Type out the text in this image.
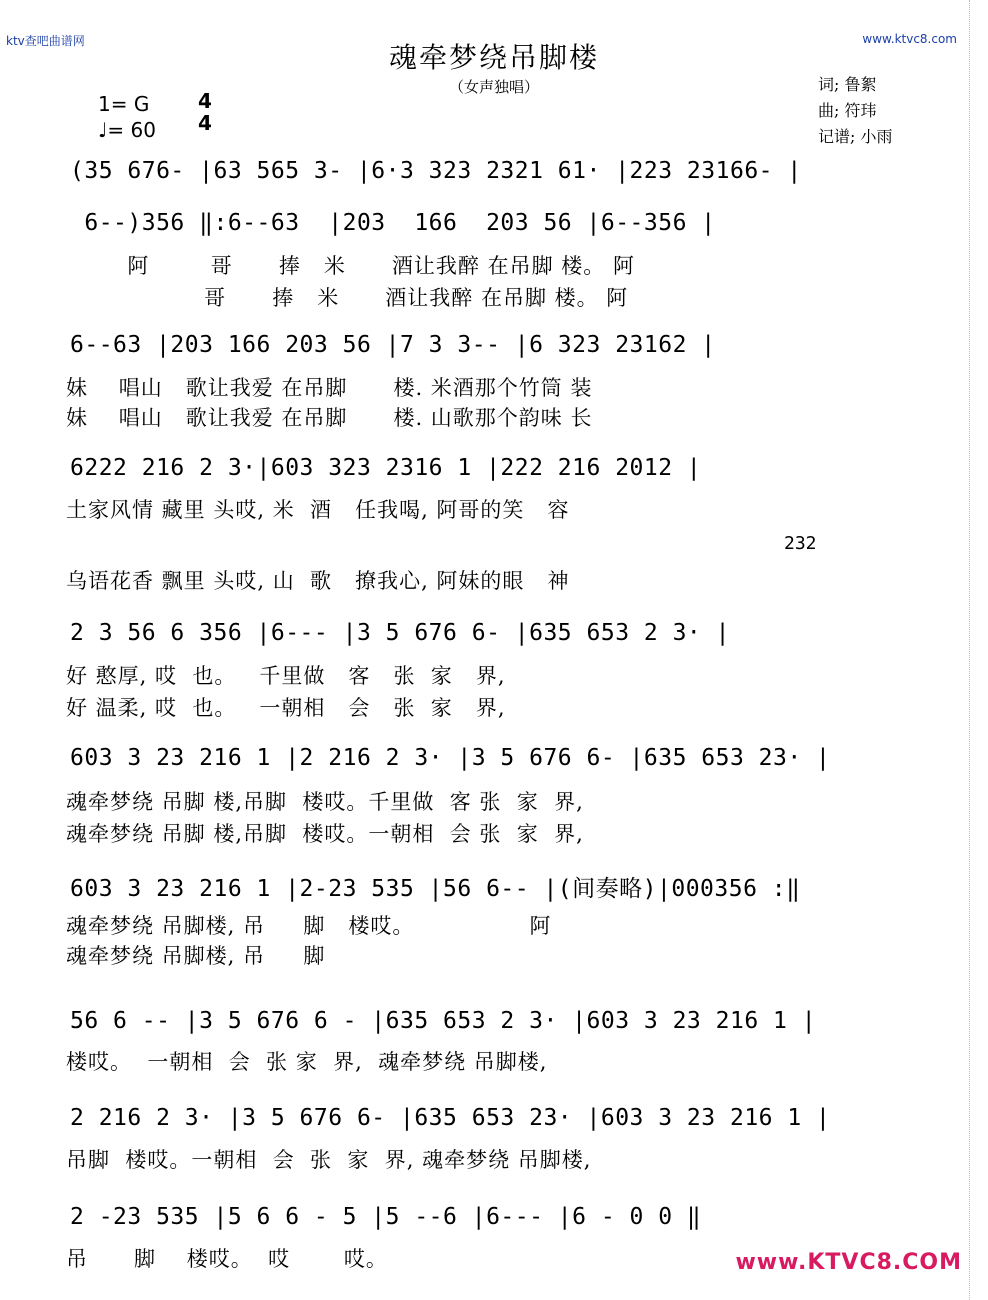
ktv查吧曲谱网	www.ktvc8.com
魂牵梦绕吊脚楼
（女声独唱）
1= G
♩= 60
4
4
词; 鲁絮
曲; 符玮
记谱; 小雨
(35 676- |63 565 3- |6·3 323 2321 61· |223 23166- |
6--)356 ‖:6--63  |203  166  203 56 |6--356 |
阿        哥      捧   米      酒让我醉 在吊脚 楼。 阿
哥      捧   米      酒让我醉 在吊脚 楼。 阿
6--63 |203 166 203 56 |7 3 3-- |6 323 23162 |
妹    唱山   歌让我爱 在吊脚      楼. 米酒那个竹筒 装
妹    唱山   歌让我爱 在吊脚      楼. 山歌那个韵味 长
6222 216 2 3·|603 323 2316 1 |222 216 2012 |
土家风情 藏里 头哎, 米  酒   任我喝, 阿哥的笑   容
232
乌语花香 飘里 头哎, 山  歌   撩我心, 阿妹的眼   神
2 3 56 6 356 |6--- |3 5 676 6- |635 653 2 3· |
好 憨厚, 哎  也。   千里做   客   张  家   界,
好 温柔, 哎  也。   一朝相   会   张  家   界,
603 3 23 216 1 |2 216 2 3· |3 5 676 6- |635 653 23· |
魂牵梦绕 吊脚 楼,吊脚  楼哎。千里做  客 张  家  界,
魂牵梦绕 吊脚 楼,吊脚  楼哎。一朝相  会 张  家  界,
603 3 23 216 1 |2-23 535 |56 6-- |(间奏略)|000356 :‖
魂牵梦绕 吊脚楼, 吊     脚   楼哎。               阿
魂牵梦绕 吊脚楼, 吊     脚
56 6 -- |3 5 676 6 - |635 653 2 3· |603 3 23 216 1 |
楼哎。  一朝相  会  张 家  界,  魂牵梦绕 吊脚楼,
2 216 2 3· |3 5 676 6- |635 653 23· |603 3 23 216 1 |
吊脚  楼哎。一朝相  会  张  家  界, 魂牵梦绕 吊脚楼,
2 -23 535 |5 6 6 - 5 |5 --6 |6--- |6 - 0 0 ‖
吊      脚    楼哎。  哎       哎。	www.KTVC8.COM
